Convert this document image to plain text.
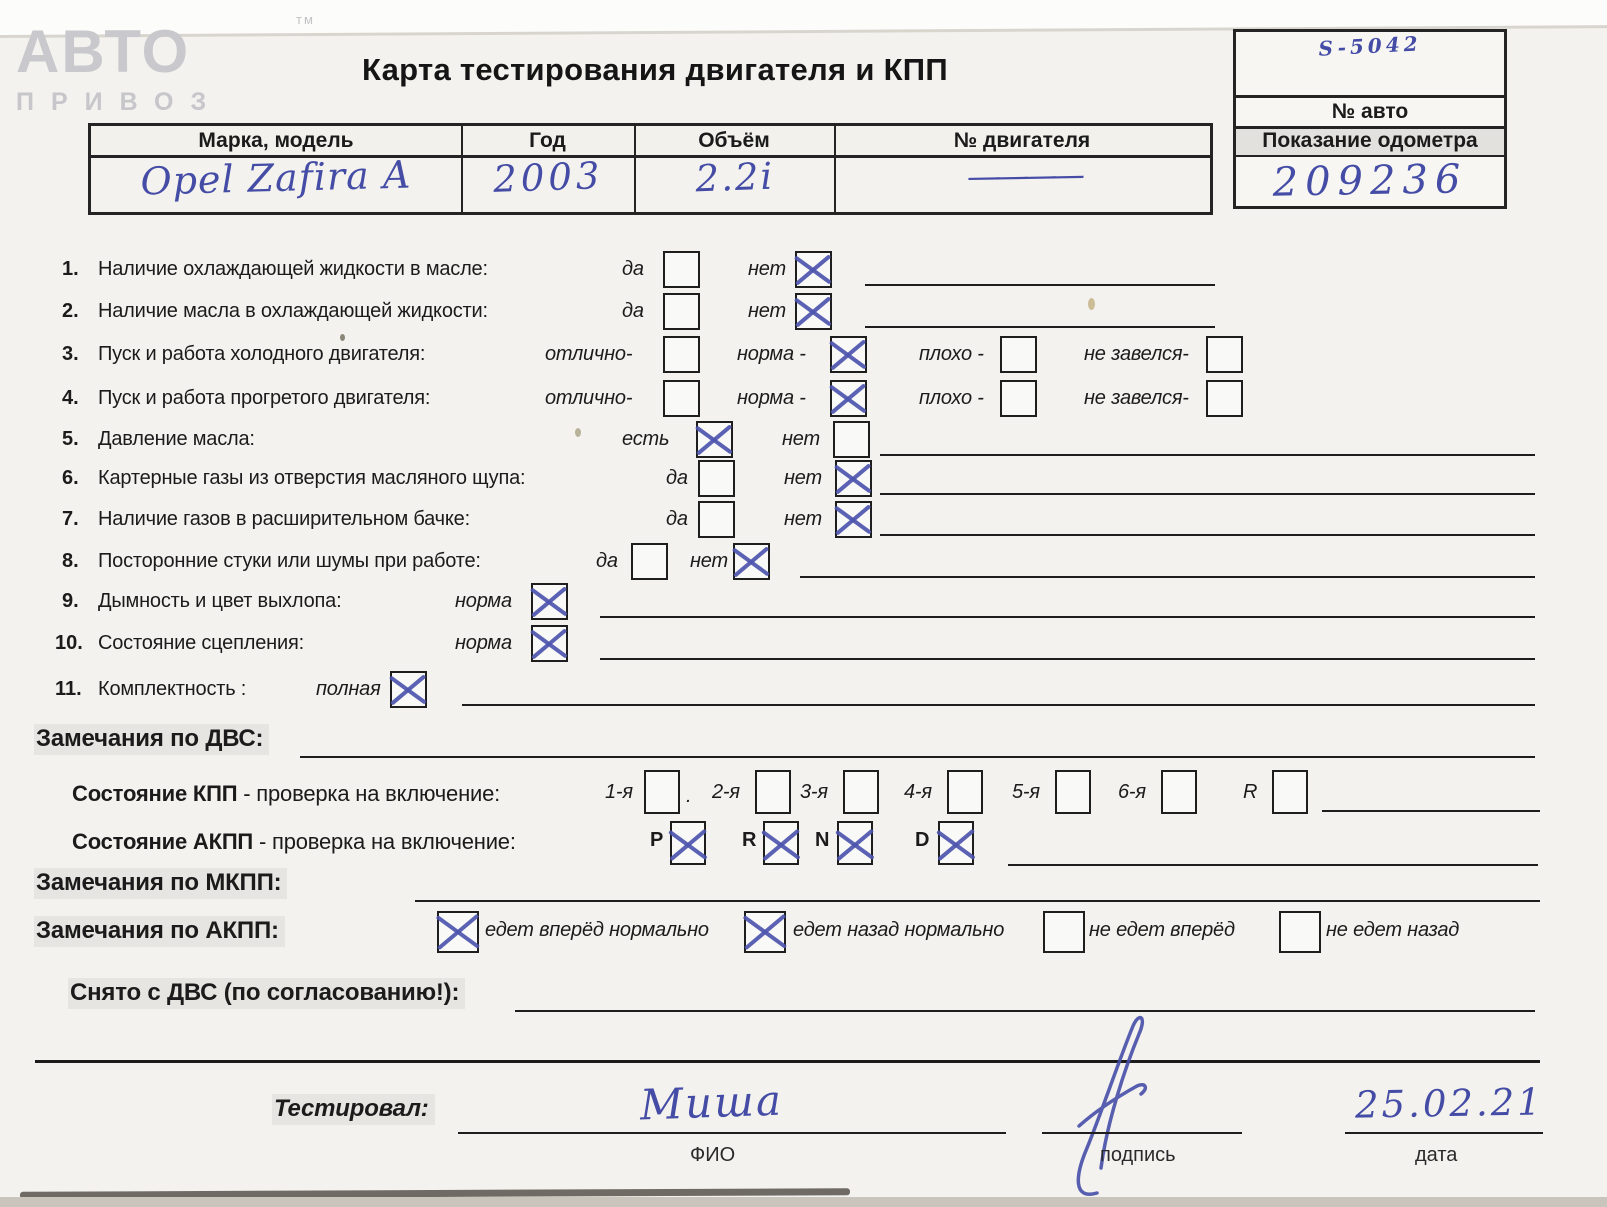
АВТО
ПРИВОЗ
тм
Карта тестирования двигателя и КПП
S-5042
№ авто
Показание одометра
209236
Марка, модель	Год	Объём	№ двигателя
Opel Zafira A	2003	2.2i	————
1. Наличие охлаждающей жидкости в масле:	да	нет
2. Наличие масла в охлаждающей жидкости:	да	нет
3. Пуск и работа холодного двигателя:	отлично-	норма -	плохо -	не завелся-
4. Пуск и работа прогретого двигателя:	отлично-	норма -	плохо -	не завелся-
5. Давление масла:	есть	нет
6. Картерные газы из отверстия масляного щупа:	да	нет
7. Наличие газов в расширительном бачке:	да	нет
8. Посторонние стуки или шумы при работе:	да	нет
9. Дымность и цвет выхлопа:	норма
10. Состояние сцепления:	норма
11. Комплектность :	полная
Замечания по ДВС:
Состояние КПП - проверка на включение:	1-я	. 2-я	3-я	4-я	5-я	6-я	R
Состояние АКПП - проверка на включение:	P	R	N	D
Замечания по МКПП:
Замечания по АКПП:	едет вперёд нормально	едет назад нормально	не едет вперёд	не едет назад
Снято с ДВС (по согласованию!):
Тестировал:	Миша
ФИО	подпись
25.02.21
дата
